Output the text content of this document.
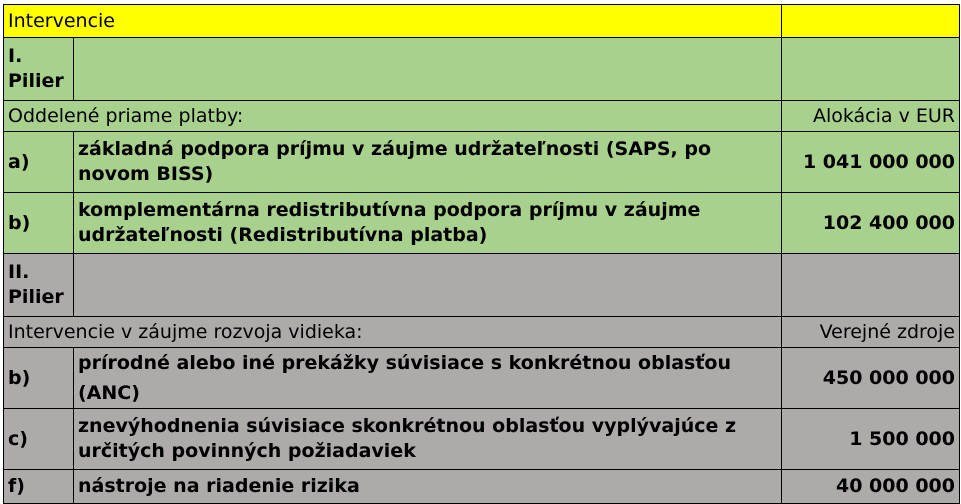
Intervencie		

I.
Pilier		

Oddelené priame platby:		Alokácia v EUR
a)	základná podpora príjmu v záujme udržateľnosti (SAPS, po novom BISS)	1 041 000 000
b)	komplementárna redistributívna podpora príjmu v záujme udržateľnosti (Redistributívna platba)	102 400 000

II.
Pilier		

Intervencie v záujme rozvoja vidieka:		Verejné zdroje
b)	prírodné alebo iné prekážky súvisiace s konkrétnou oblasťou (ANC)	450 000 000
c)	znevýhodnenia súvisiace skonkrétnou oblasťou vyplývajúce z určitých povinných požiadaviek	1 500 000
f)	nástroje na riadenie rizika	40 000 000
